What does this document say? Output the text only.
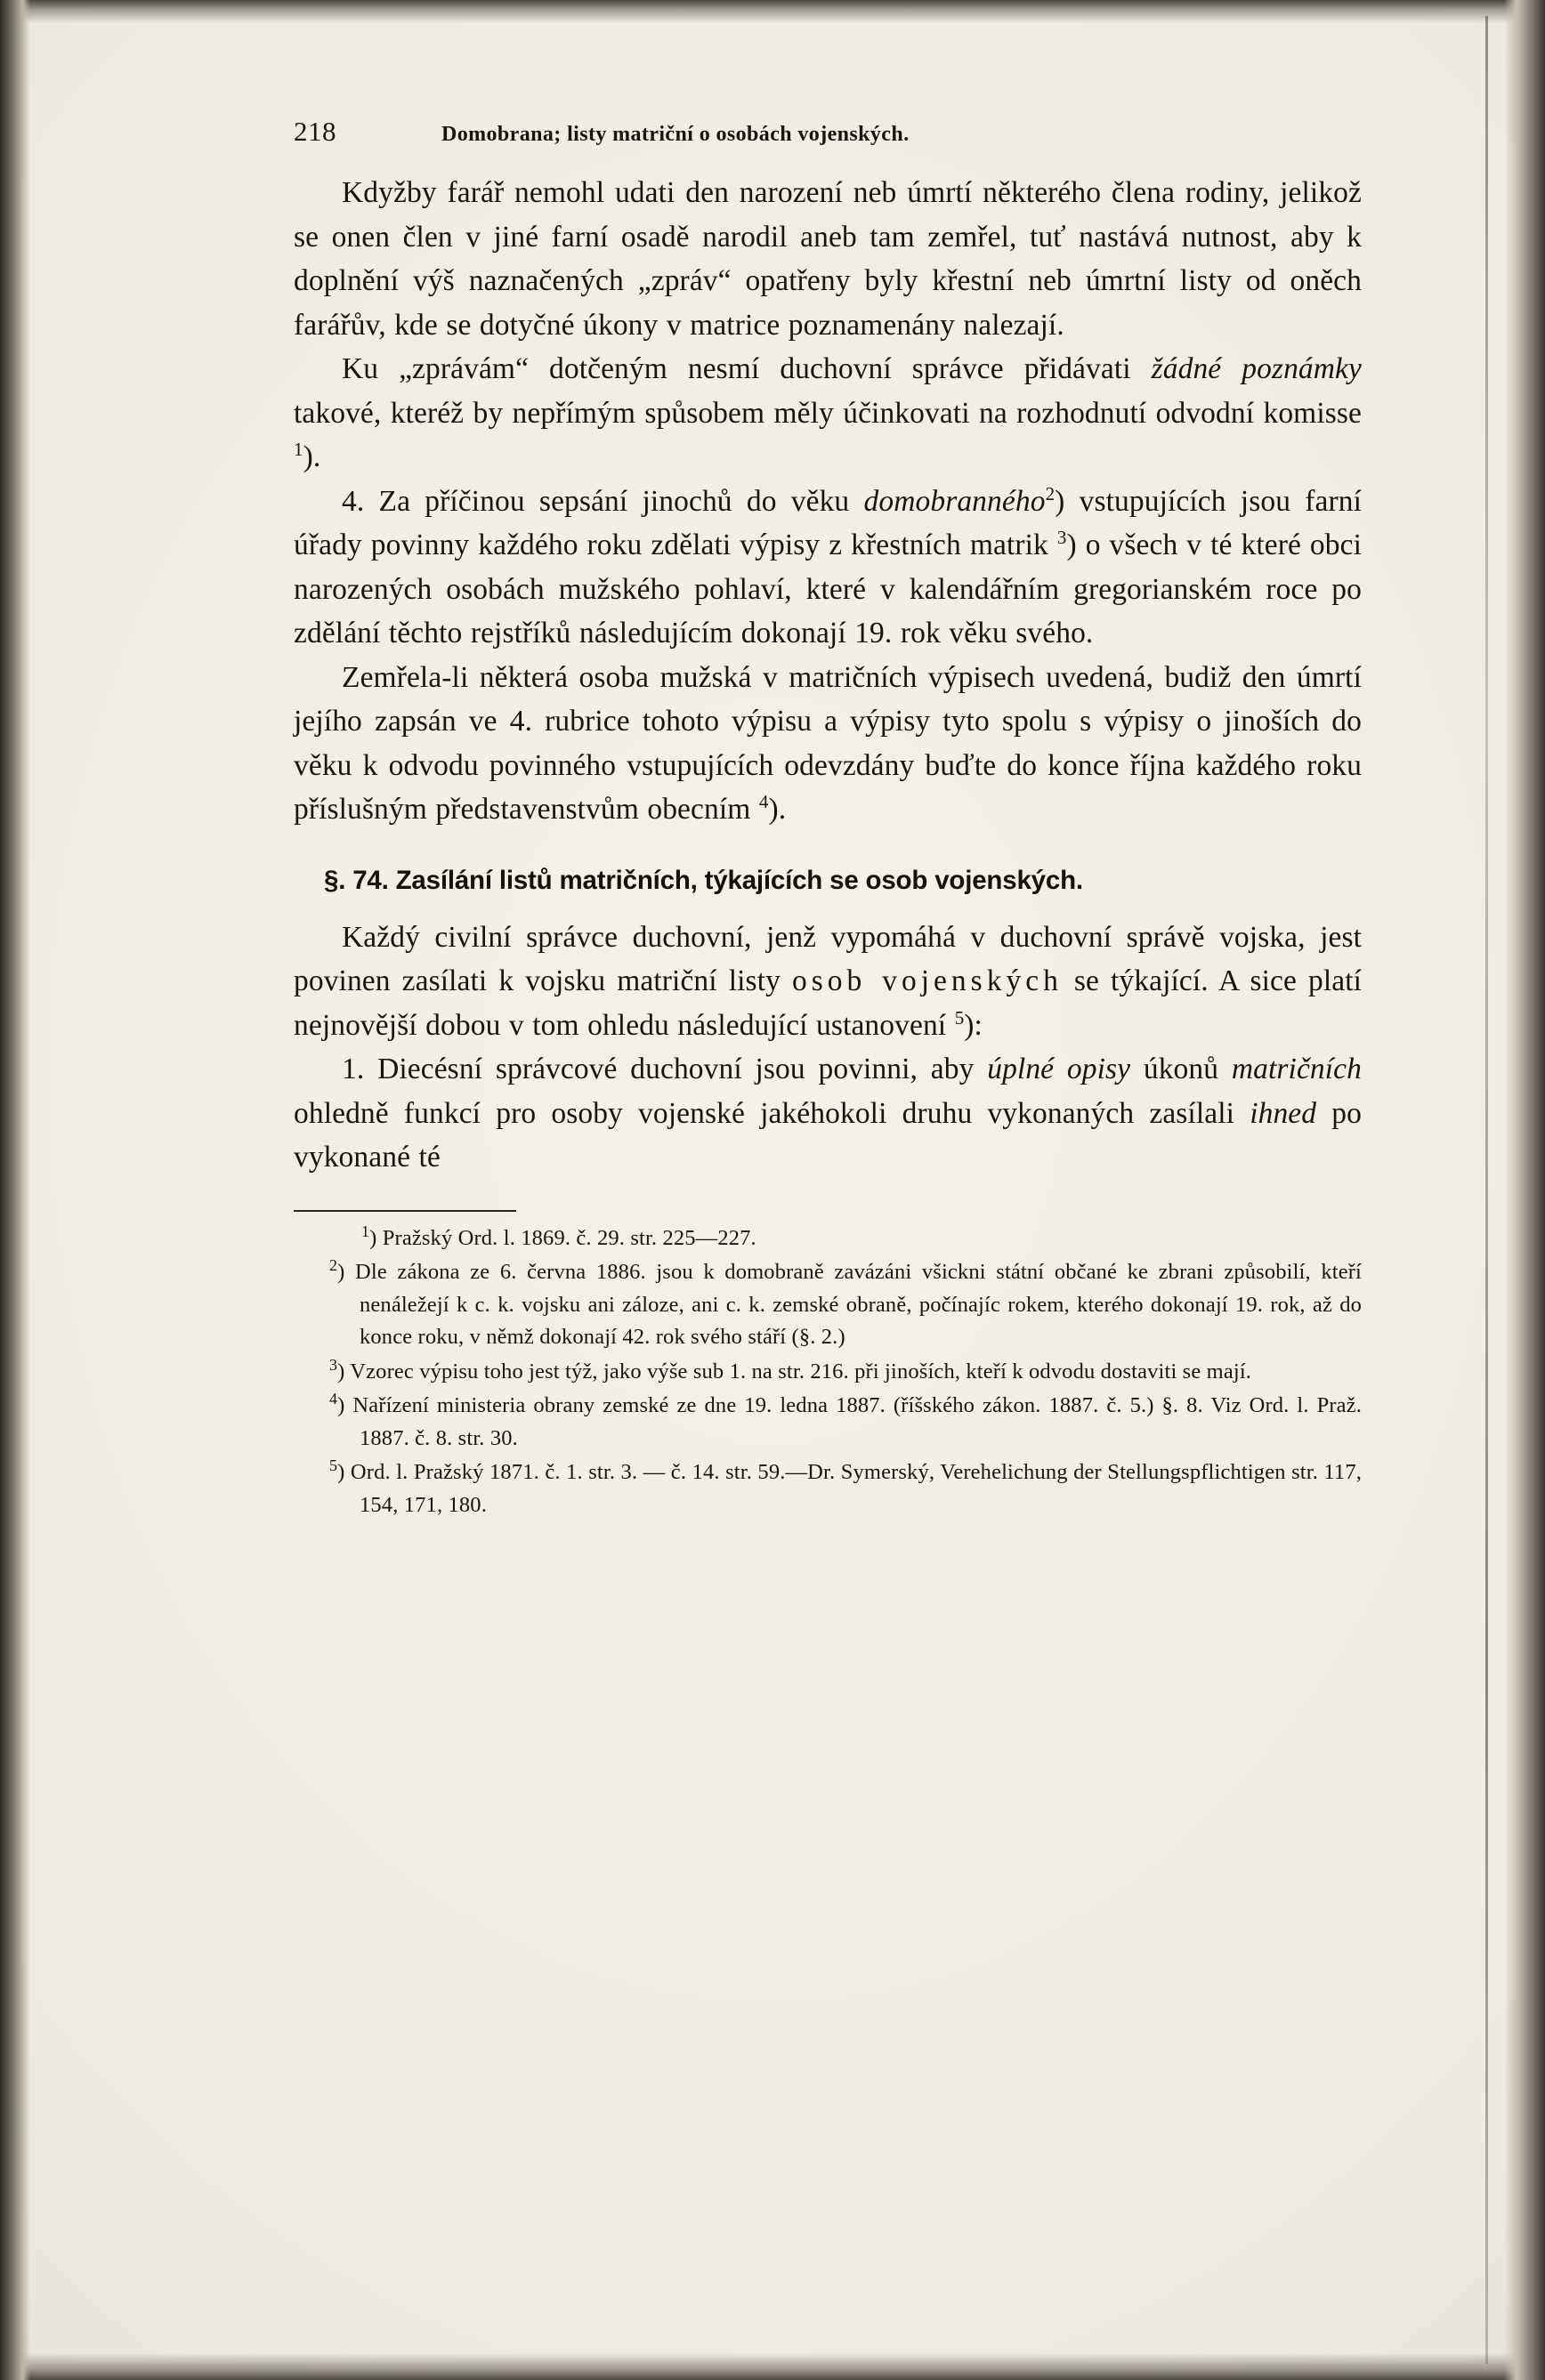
218	Domobrana; listy matriční o osobách vojenských.

Kdyžby farář nemohl udati den narození neb úmrtí některého člena rodiny, jelikož se onen člen v jiné farní osadě narodil aneb tam zemřel, tuť nastává nutnost, aby k doplnění výš naznačených „zpráv“ opatřeny byly křestní neb úmrtní listy od oněch farářův, kde se dotyčné úkony v matrice poznamenány nalezají.

Ku „zprávám“ dotčeným nesmí duchovní správce přidávati žádné poznámky takové, kteréž by nepřímým spůsobem měly účinkovati na rozhodnutí odvodní komisse $^1$).

4. Za příčinou sepsání jinochů do věku domobranného$^2$) vstupujících jsou farní úřady povinny každého roku zdělati výpisy z křestních matrik $^3$) o všech v té které obci narozených osobách mužského pohlaví, které v kalendářním gregorianském roce po zdělání těchto rejstříků následujícím dokonají 19. rok věku svého.

Zemřela-li některá osoba mužská v matričních výpisech uvedená, budiž den úmrtí jejího zapsán ve 4. rubrice tohoto výpisu a výpisy tyto spolu s výpisy o jinoších do věku k odvodu povinného vstupujících odevzdány buďte do konce října každého roku příslušným představenstvům obecním $^4$).

§. 74. Zasílání listů matričních, týkajících se osob vojenských.

Každý civilní správce duchovní, jenž vypomáhá v duchovní správě vojska, jest povinen zasílati k vojsku matriční listy osob vojenských se týkající. A sice platí nejnovější dobou v tom ohledu následující ustanovení $^5$):

1. Diecésní správcové duchovní jsou povinni, aby úplné opisy úkonů matričních ohledně funkcí pro osoby vojenské jakéhokoli druhu vykonaných zasílali ihned po vykonané té

$^1$) Pražský Ord. l. 1869. č. 29. str. 225—227.

$^2$) Dle zákona ze 6. června 1886. jsou k domobraně zavázáni všickni státní občané ke zbrani způsobilí, kteří nenáležejí k c. k. vojsku ani záloze, ani c. k. zemské obraně, počínajíc rokem, kterého dokonají 19. rok, až do konce roku, v němž dokonají 42. rok svého stáří (§. 2.)

$^3$) Vzorec výpisu toho jest týž, jako výše sub 1. na str. 216. při jinoších, kteří k odvodu dostaviti se mají.

$^4$) Nařízení ministeria obrany zemské ze dne 19. ledna 1887. (říšského zákon. 1887. č. 5.) §. 8. Viz Ord. l. Praž. 1887. č. 8. str. 30.

$^5$) Ord. l. Pražský 1871. č. 1. str. 3. — č. 14. str. 59.—Dr. Symerský, Verehelichung der Stellungspflichtigen str. 117, 154, 171, 180.
